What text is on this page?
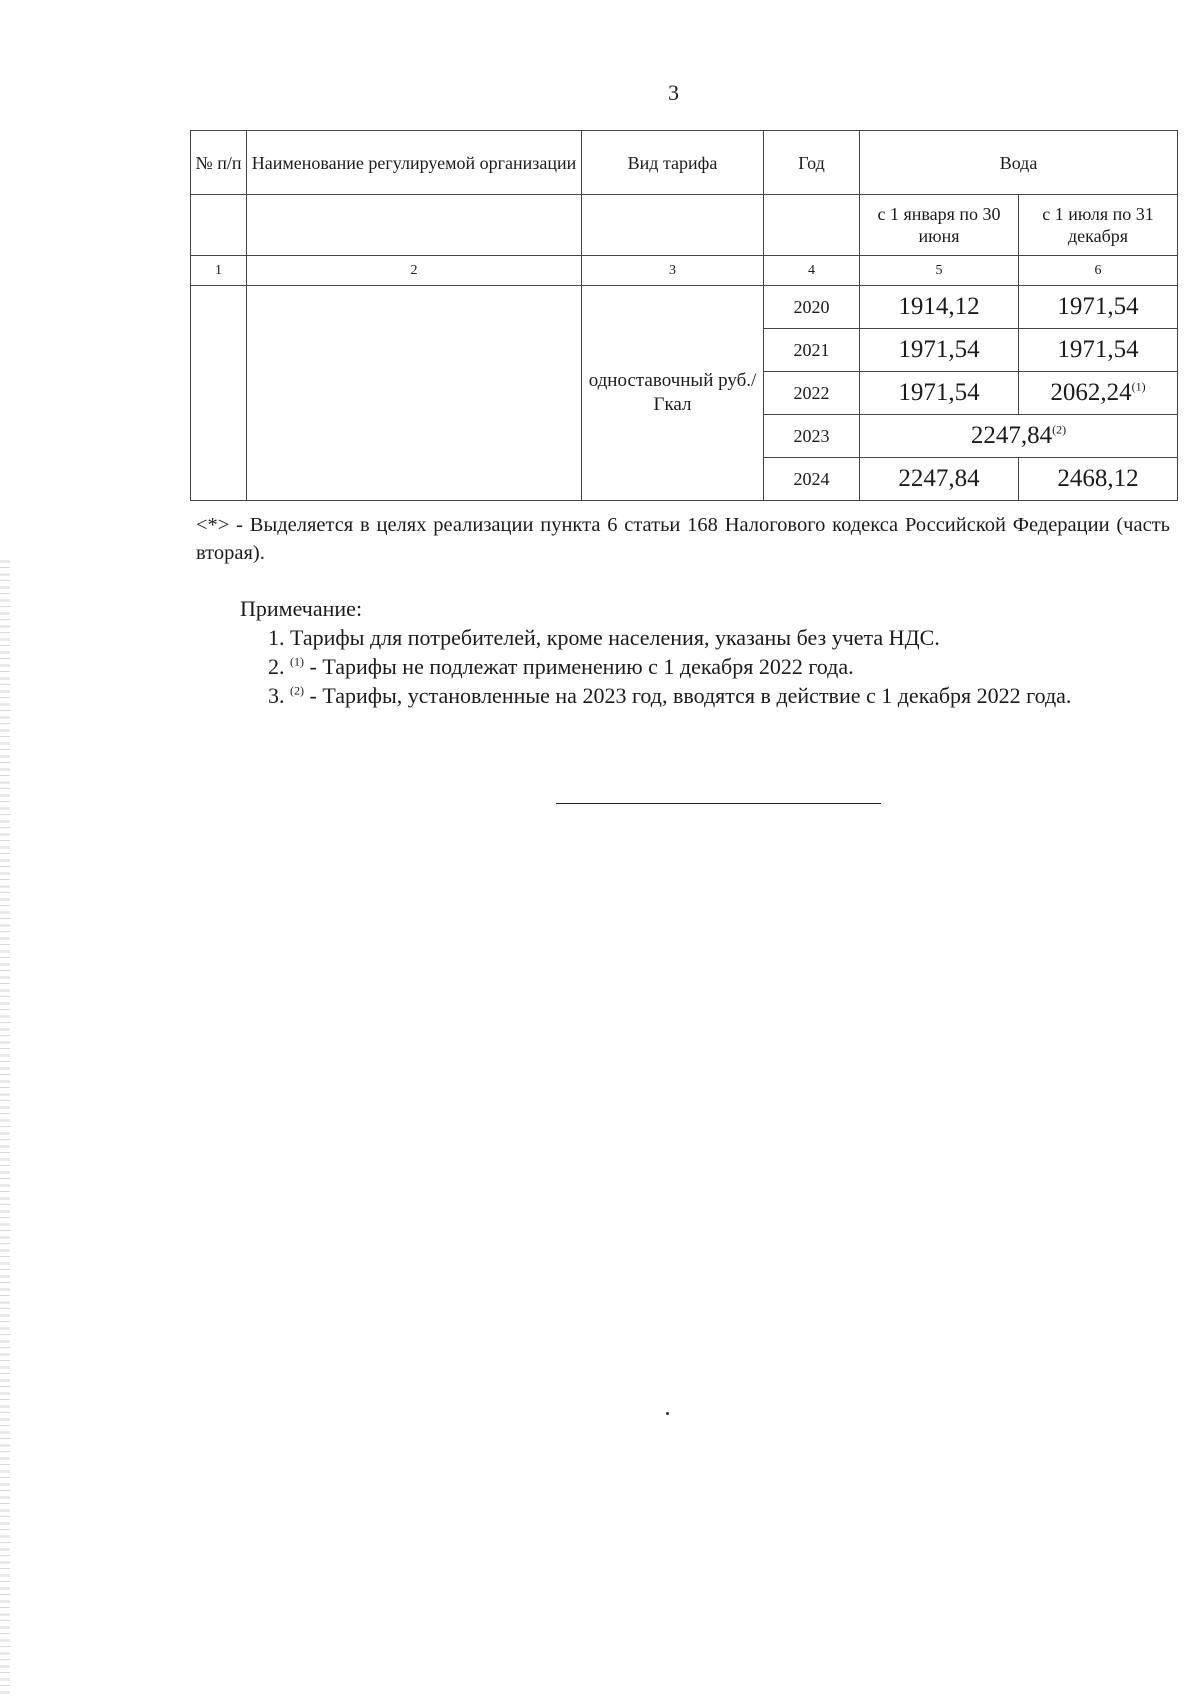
3
№ п/п	Наименование регулируемой организации	Вид тарифа	Год	Вода	
				с 1 января по 30 июня	с 1 июля по 31 декабря
1	2	3	4	5	6
		одноставочный руб./Гкал	2020	1914,12	1971,54
			2021	1971,54	1971,54
			2022	1971,54	2062,24$^{(1)}$
			2023	2247,84$^{(2)}$
			2024	2247,84	2468,12

<*> - Выделяется в целях реализации пункта 6 статьи 168 Налогового кодекса Российской Федерации (часть вторая).

Примечание:

1. Тарифы для потребителей, кроме населения, указаны без учета НДС.

2. $^{(1)}$ - Тарифы не подлежат применению с 1 декабря 2022 года.

3. $^{(2)}$ - Тарифы, установленные на 2023 год, вводятся в действие с 1 декабря 2022 года.
